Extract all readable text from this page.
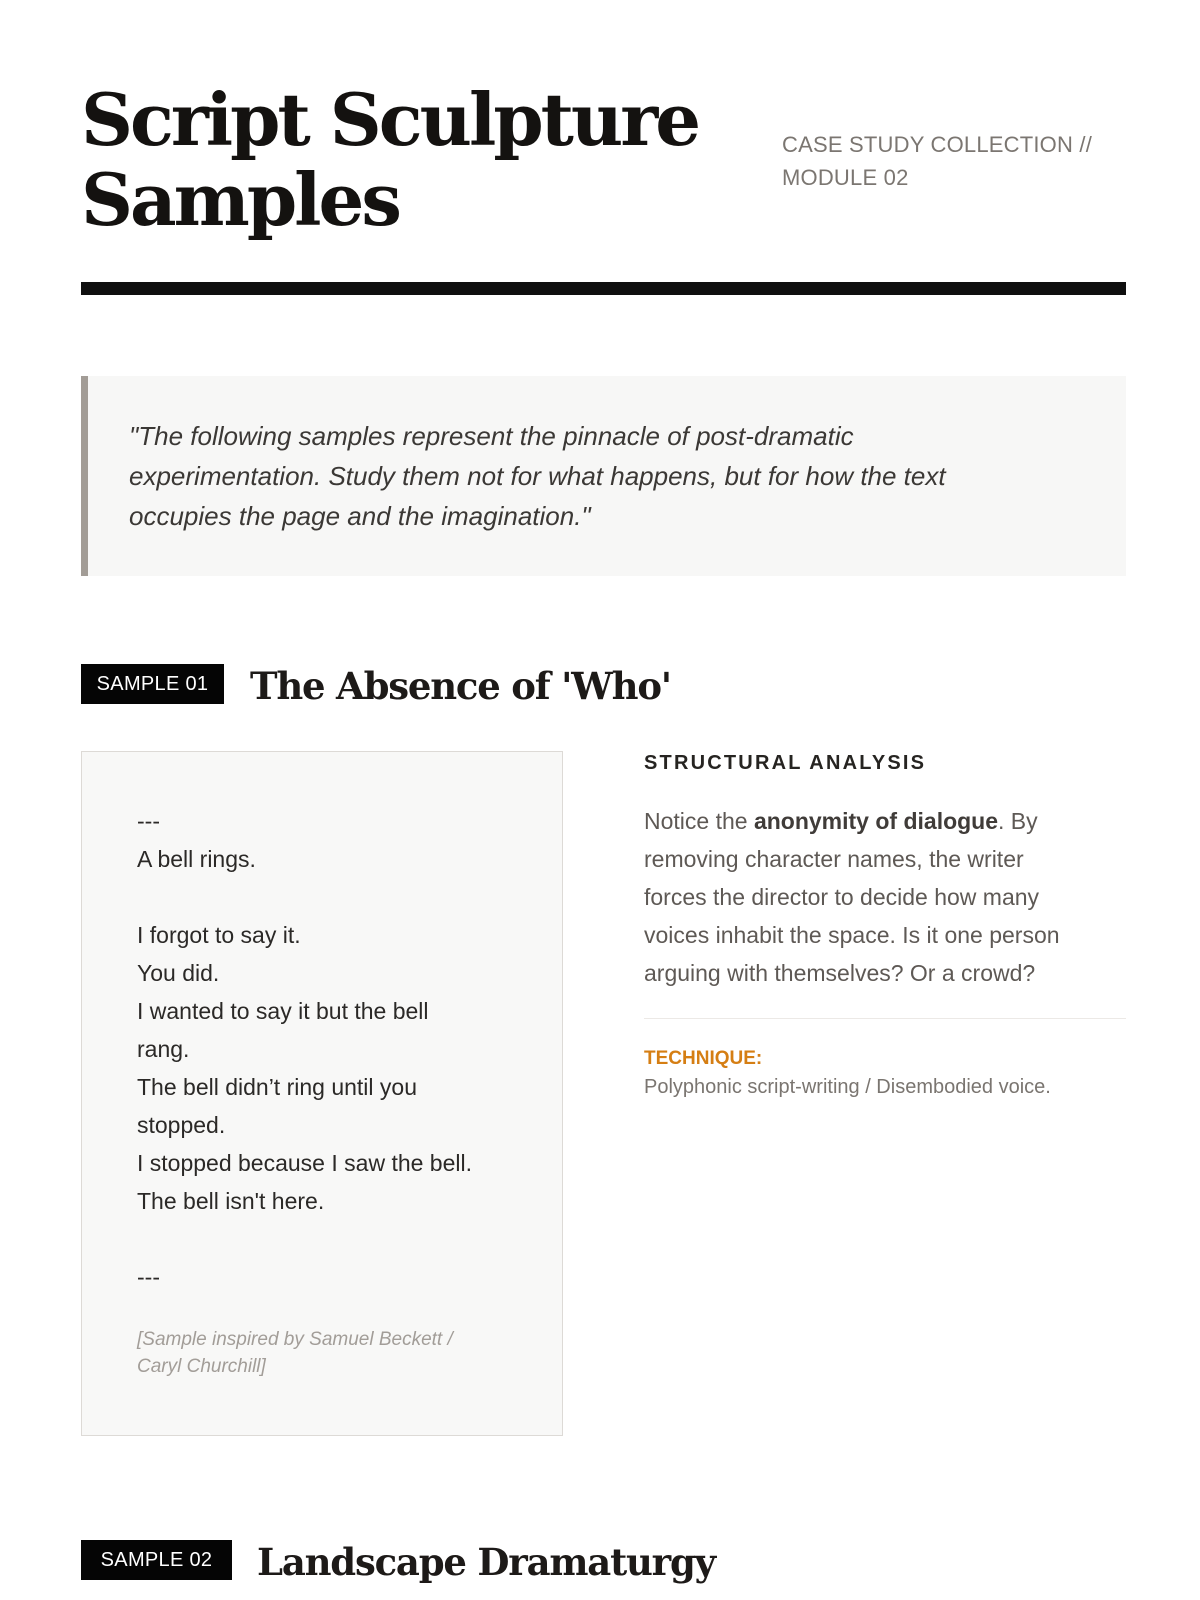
Script Sculpture
Samples
CASE STUDY COLLECTION //
MODULE 02

"The following samples represent the pinnacle of post-dramatic
experimentation. Study them not for what happens, but for how the text
occupies the page and the imagination."

SAMPLE 01	The Absence of 'Who'
---
A bell rings.
I forgot to say it.
You did.
I wanted to say it but the bell
rang.
The bell didn’t ring until you
stopped.
I stopped because I saw the bell.
The bell isn't here.
---
[Sample inspired by Samuel Beckett /
Caryl Churchill]
STRUCTURAL ANALYSIS

Notice the anonymity of dialogue. By
removing character names, the writer
forces the director to decide how many
voices inhabit the space. Is it one person
arguing with themselves? Or a crowd?

TECHNIQUE:
Polyphonic script-writing / Disembodied voice.
SAMPLE 02	Landscape Dramaturgy
